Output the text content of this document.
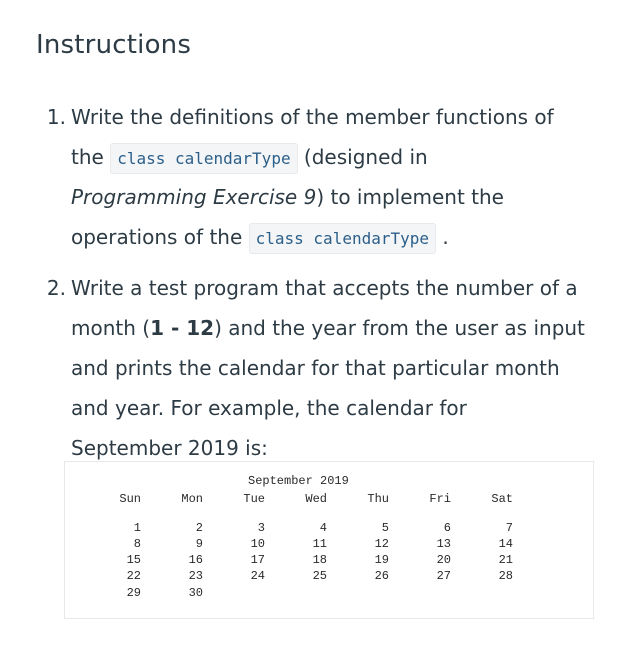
Instructions
1. Write the definitions of the member functions of
the class calendarType (designed in
Programming Exercise 9) to implement the
operations of the class calendarType .
2. Write a test program that accepts the number of a
month (1 - 12) and the year from the user as input
and prints the calendar for that particular month
and year. For example, the calendar for
September 2019 is:
September 2019
Sun	Mon	Tue	Wed	Thu	Fri	Sat
1	2	3	4	5	6	7
8	9	10	11	12	13	14
15	16	17	18	19	20	21
22	23	24	25	26	27	28
29	30
